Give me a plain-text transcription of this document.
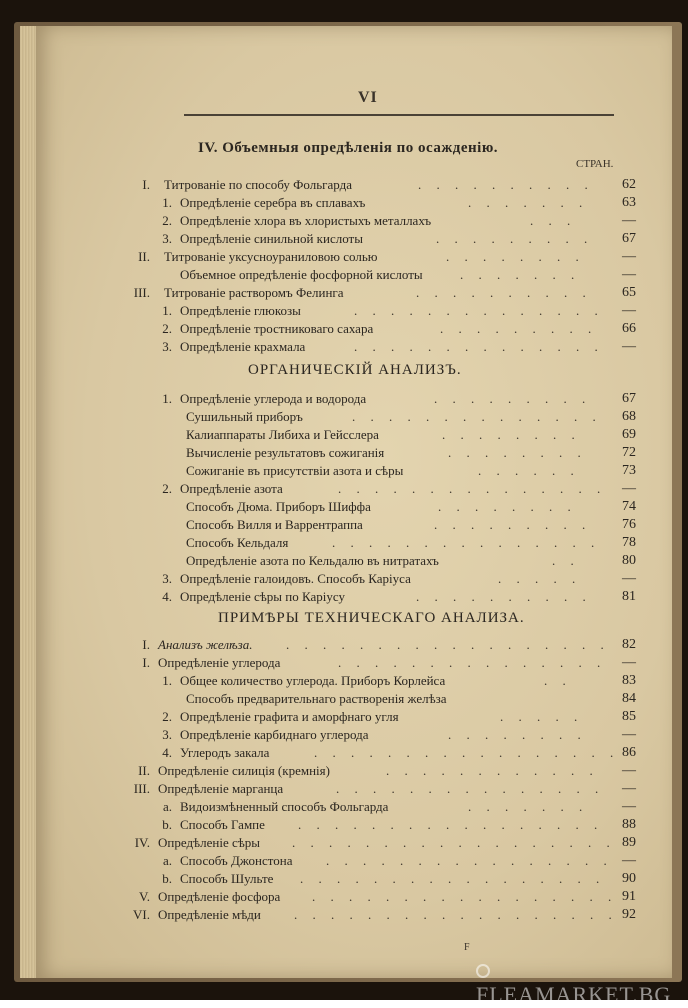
VI
IV. Объемныя опредѣленія по осажденію.
СТРАН.
I. Титрованіе по способу Фольгарда	. . . . . . . . . .	62
1. Опредѣленіе серебра въ сплавахъ	. . . . . . .	63
2. Опредѣленіе хлора въ хлористыхъ металлахъ	. . .	—
3. Опредѣленіе синильной кислоты	. . . . . . . . .	67
II. Титрованіе уксусноураниловою солью	. . . . . . . .	—
Объемное опредѣленіе фосфорной кислоты	. . . . . . .	—
III. Титрованіе растворомъ Фелинга	. . . . . . . . . .	65
1. Опредѣленіе глюкозы	. . . . . . . . . . . . . .	—
2. Опредѣленіе тростниковаго сахара	. . . . . . . . .	66
3. Опредѣленіе крахмала	. . . . . . . . . . . . . .	—
ОРГАНИЧЕСКІЙ АНАЛИЗЪ.
1. Опредѣленіе углерода и водорода	. . . . . . . . .	67
Сушильный приборъ	. . . . . . . . . . . . . .	68
Калиаппараты Либиха и Гейсслера	. . . . . . . .	69
Вычисленіе результатовъ сожиганія	. . . . . . . .	72
Сожиганіе въ присутствіи азота и сѣры	. . . . . .	73
2. Опредѣленіе азота	. . . . . . . . . . . . . . .	—
Способъ Дюма. Приборъ Шиффа	. . . . . . . .	74
Способъ Вилля и Варрентраппа	. . . . . . . . .	76
Способъ Кельдаля	. . . . . . . . . . . . . . .	78
Опредѣленіе азота по Кельдалю въ нитратахъ	. .	80
3. Опредѣленіе галоидовъ. Способъ Каріуса	. . . . .	—
4. Опредѣленіе сѣры по Каріусу	. . . . . . . . . .	81
ПРИМѢРЫ ТЕХНИЧЕСКАГО АНАЛИЗА.
I. Анализъ желѣза.	. . . . . . . . . . . . . . . . . . 82
I. Опредѣленіе углерода	. . . . . . . . . . . . . . .	—
1. Общее количество углерода. Приборъ Корлейса	. .	83
Способъ предварительнаго растворенія желѣза	84
2. Опредѣленіе графита и аморфнаго угля	. . . . .	85
3. Опредѣленіе карбиднаго углерода	. . . . . . . .	—
4. Углеродъ закала	. . . . . . . . . . . . . . . . . 86
II. Опредѣленіе силиція (кремнія)	. . . . . . . . . . . .	—
III. Опредѣленіе марганца	. . . . . . . . . . . . . . .	—
a. Видоизмѣненный способъ Фольгарда	. . . . . . .	—
b. Способъ Гампе	. . . . . . . . . . . . . . . . .	88
IV. Опредѣленіе сѣры . . . . . . . . . . . . . . . . . . 89
a. Способъ Джонстона	. . . . . . . . . . . . . . . . —
b. Способъ Шульте . . . . . . . . . . . . . . . . .	90
V. Опредѣленіе фосфора . . . . . . . . . . . . . . . . . 91
VI. Опредѣленіе мѣди	. . . . . . . . . . . . . . . . . . 92
F
FLEAMARKET.BG
